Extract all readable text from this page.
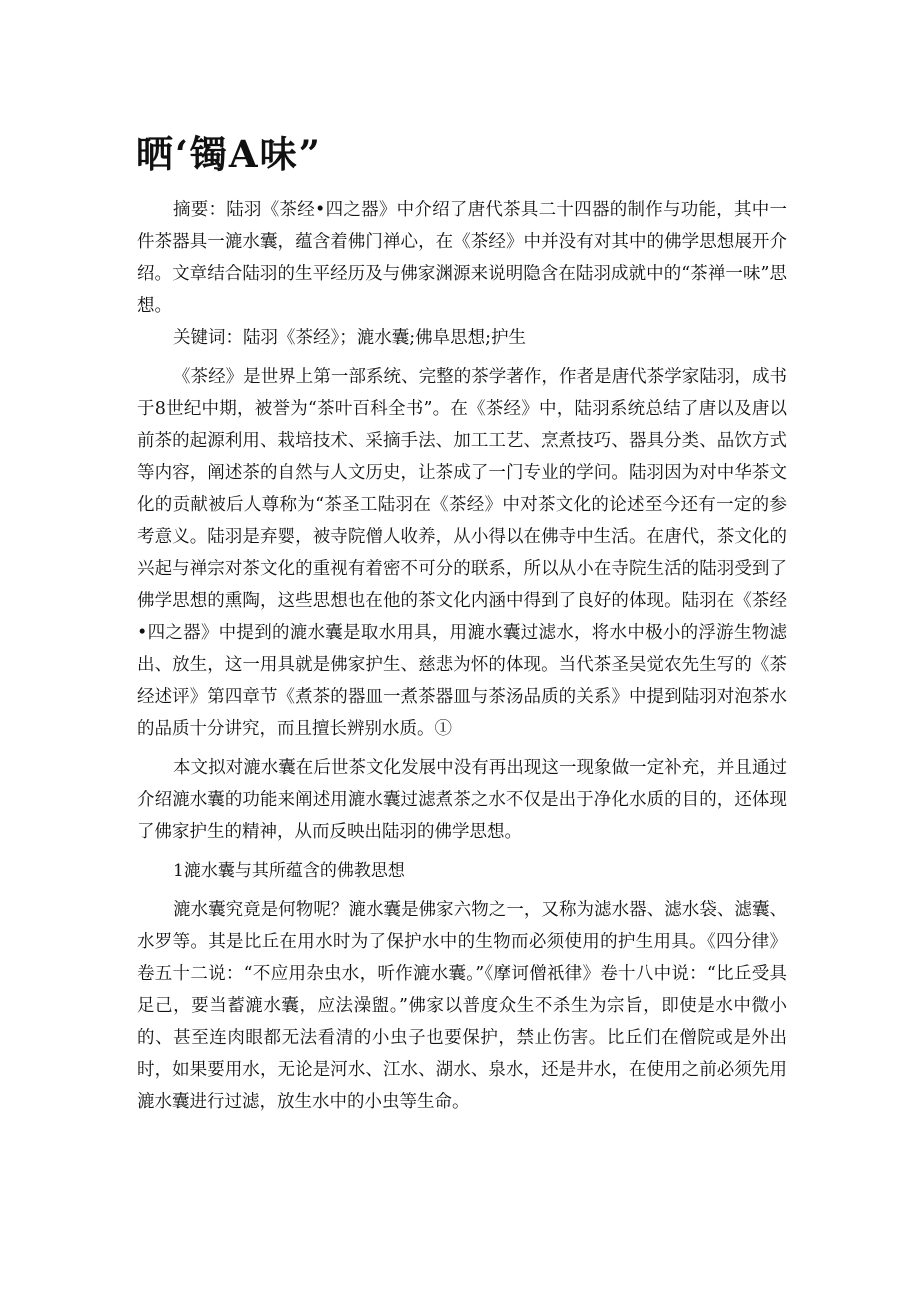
晒‘镯A味”

摘要：陆羽《茶经•四之器》中介绍了唐代茶具二十四器的制作与功能，其中一件茶器具一漉水囊，蕴含着佛门禅心，在《茶经》中并没有对其中的佛学思想展开介绍。文章结合陆羽的生平经历及与佛家渊源来说明隐含在陆羽成就中的“茶禅一味”思想。

关键词：陆羽《茶经》；漉水囊;佛阜思想;护生

《茶经》是世界上第一部系统、完整的茶学著作，作者是唐代茶学家陆羽，成书于8世纪中期，被誉为“茶叶百科全书”。在《茶经》中，陆羽系统总结了唐以及唐以前茶的起源利用、栽培技术、采摘手法、加工工艺、烹煮技巧、器具分类、品饮方式等内容，阐述茶的自然与人文历史，让茶成了一门专业的学问。陆羽因为对中华茶文化的贡献被后人尊称为“茶圣工陆羽在《茶经》中对茶文化的论述至今还有一定的参考意义。陆羽是弃婴，被寺院僧人收养，从小得以在佛寺中生活。在唐代，茶文化的兴起与禅宗对茶文化的重视有着密不可分的联系，所以从小在寺院生活的陆羽受到了佛学思想的熏陶，这些思想也在他的茶文化内涵中得到了良好的体现。陆羽在《茶经•四之器》中提到的漉水囊是取水用具，用漉水囊过滤水，将水中极小的浮游生物滤出、放生，这一用具就是佛家护生、慈悲为怀的体现。当代茶圣吴觉农先生写的《茶经述评》第四章节《煮茶的器皿一煮茶器皿与茶汤品质的关系》中提到陆羽对泡茶水的品质十分讲究，而且擅长辨别水质。①

本文拟对漉水囊在后世茶文化发展中没有再出现这一现象做一定补充，并且通过介绍漉水囊的功能来阐述用漉水囊过滤煮茶之水不仅是出于净化水质的目的，还体现了佛家护生的精神，从而反映出陆羽的佛学思想。

1漉水囊与其所蕴含的佛教思想

漉水囊究竟是何物呢？漉水囊是佛家六物之一，又称为滤水器、滤水袋、滤囊、水罗等。其是比丘在用水时为了保护水中的生物而必须使用的护生用具。《四分律》卷五十二说：“不应用杂虫水，听作漉水囊。”《摩诃僧祇律》卷十八中说：“比丘受具足己，要当蓄漉水囊，应法澡盥。”佛家以普度众生不杀生为宗旨，即使是水中微小的、甚至连肉眼都无法看清的小虫子也要保护，禁止伤害。比丘们在僧院或是外出时，如果要用水，无论是河水、江水、湖水、泉水，还是井水，在使用之前必须先用漉水囊进行过滤，放生水中的小虫等生命。
